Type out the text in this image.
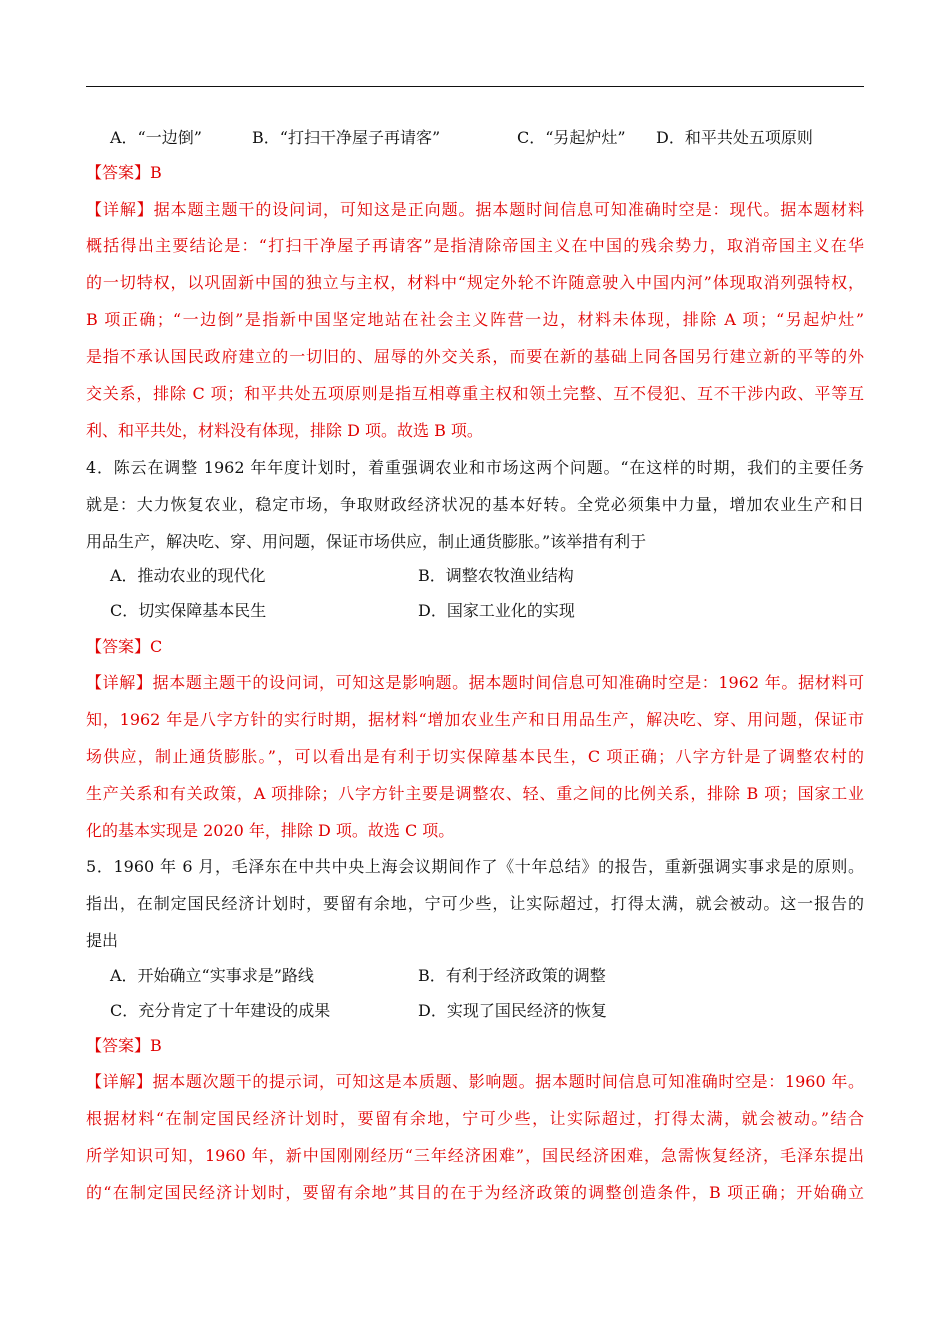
A．“一边倒”	B．“打扫干净屋子再请客”	C．“另起炉灶” D．和平共处五项原则
【答案】B
【详解】据本题主题干的设问词，可知这是正向题。据本题时间信息可知准确时空是：现代。据本题材料
概括得出主要结论是：“打扫干净屋子再请客”是指清除帝国主义在中国的残余势力，取消帝国主义在华
的一切特权，以巩固新中国的独立与主权，材料中“规定外轮不许随意驶入中国内河”体现取消列强特权，
B 项正确；“一边倒”是指新中国坚定地站在社会主义阵营一边，材料未体现，排除 A 项；“另起炉灶”
是指不承认国民政府建立的一切旧的、屈辱的外交关系，而要在新的基础上同各国另行建立新的平等的外
交关系，排除 C 项；和平共处五项原则是指互相尊重主权和领土完整、互不侵犯、互不干涉内政、平等互
利、和平共处，材料没有体现，排除 D 项。故选 B 项。
4．陈云在调整 1962 年年度计划时，着重强调农业和市场这两个问题。“在这样的时期，我们的主要任务
就是：大力恢复农业，稳定市场，争取财政经济状况的基本好转。全党必须集中力量，增加农业生产和日
用品生产，解决吃、穿、用问题，保证市场供应，制止通货膨胀。”该举措有利于
A．推动农业的现代化	B．调整农牧渔业结构
C．切实保障基本民生	D．国家工业化的实现
【答案】C
【详解】据本题主题干的设问词，可知这是影响题。据本题时间信息可知准确时空是：1962 年。据材料可
知，1962 年是八字方针的实行时期，据材料“增加农业生产和日用品生产，解决吃、穿、用问题，保证市
场供应，制止通货膨胀。”，可以看出是有利于切实保障基本民生，C 项正确；八字方针是了调整农村的
生产关系和有关政策，A 项排除；八字方针主要是调整农、轻、重之间的比例关系，排除 B 项；国家工业
化的基本实现是 2020 年，排除 D 项。故选 C 项。
5．1960 年 6 月，毛泽东在中共中央上海会议期间作了《十年总结》的报告，重新强调实事求是的原则。
指出，在制定国民经济计划时，要留有余地，宁可少些，让实际超过，打得太满，就会被动。这一报告的
提出
A．开始确立“实事求是”路线	B．有利于经济政策的调整
C．充分肯定了十年建设的成果	D．实现了国民经济的恢复
【答案】B
【详解】据本题次题干的提示词，可知这是本质题、影响题。据本题时间信息可知准确时空是：1960 年。
根据材料“在制定国民经济计划时，要留有余地，宁可少些，让实际超过，打得太满，就会被动。”结合
所学知识可知，1960 年，新中国刚刚经历“三年经济困难”，国民经济困难，急需恢复经济，毛泽东提出
的“在制定国民经济计划时，要留有余地”其目的在于为经济政策的调整创造条件，B 项正确；开始确立
